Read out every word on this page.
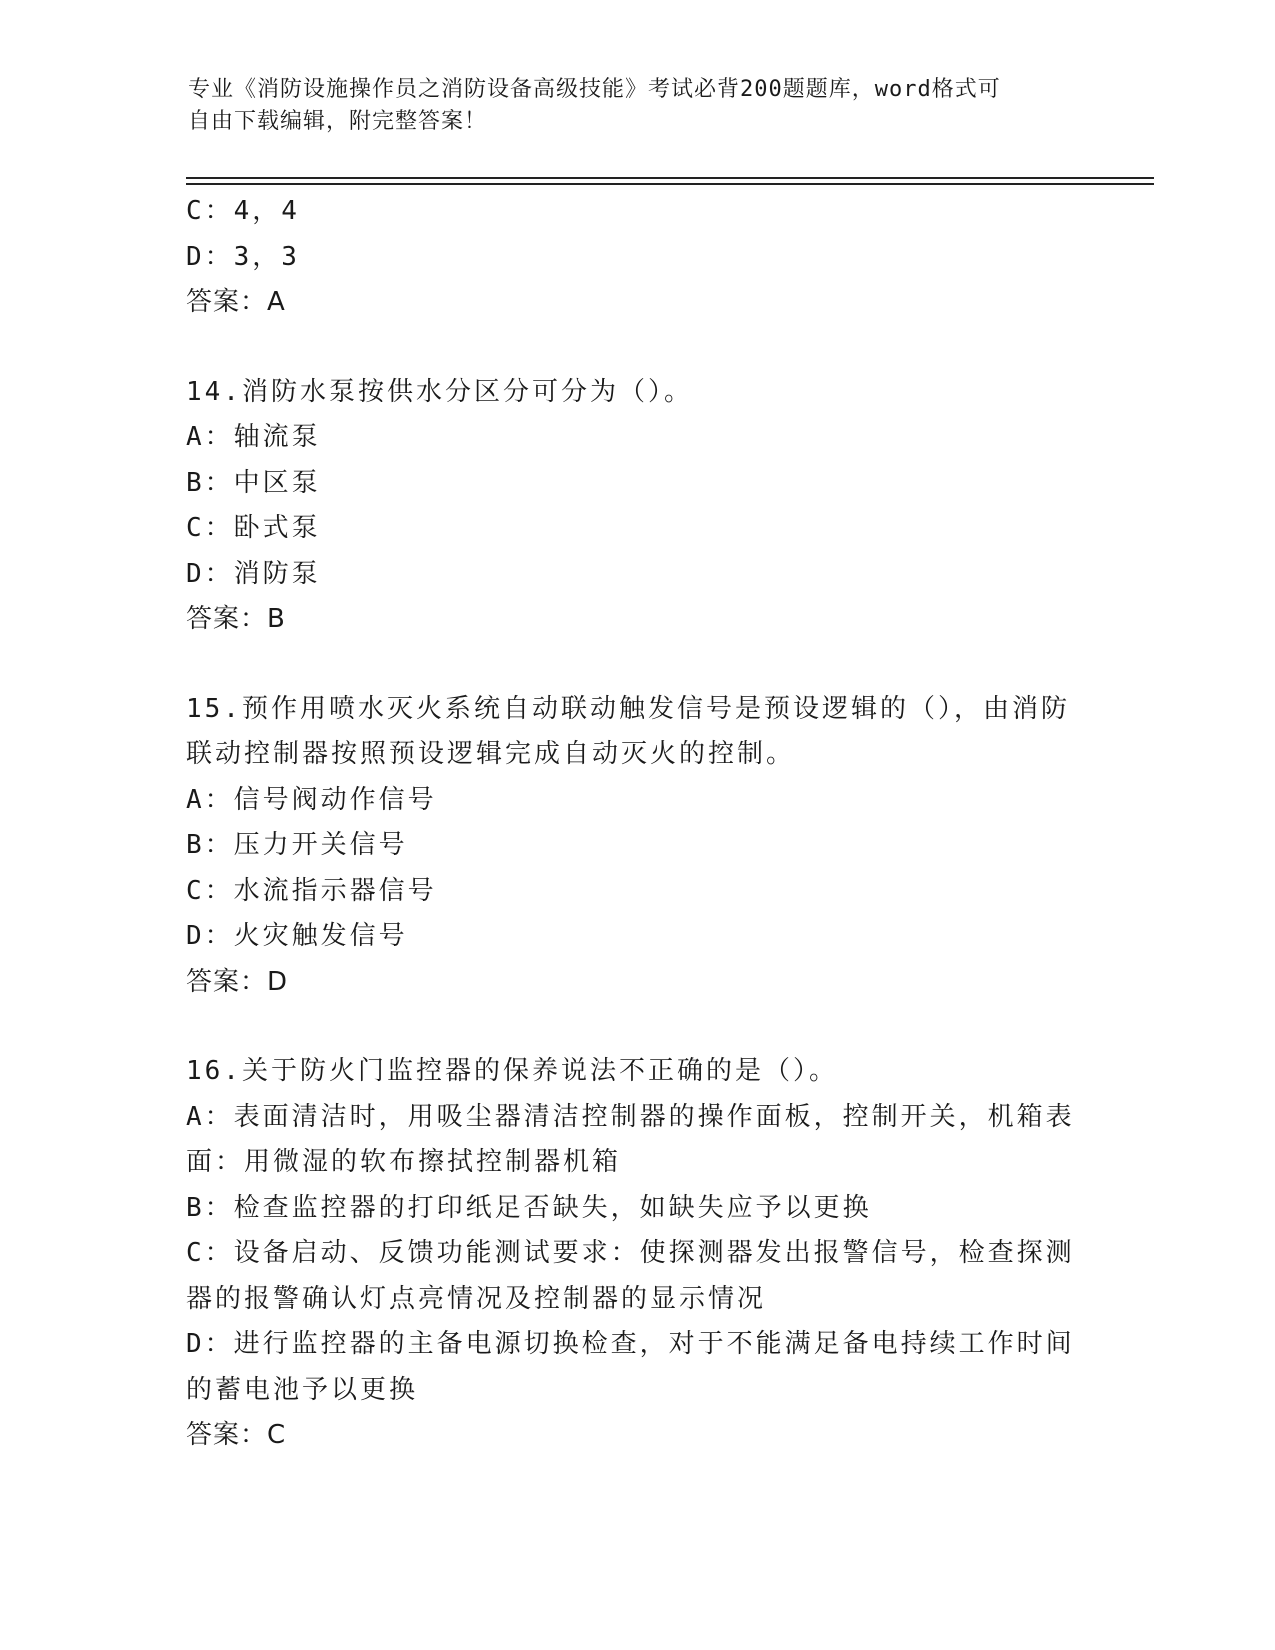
专业《消防设施操作员之消防设备高级技能》考试必背200题题库，word格式可
自由下载编辑，附完整答案！
C：4，4
D：3，3
答案：A
14.消防水泵按供水分区分可分为（）。
A：轴流泵
B：中区泵
C：卧式泵
D：消防泵
答案：B
15.预作用喷水灭火系统自动联动触发信号是预设逻辑的（），由消防
联动控制器按照预设逻辑完成自动灭火的控制。
A：信号阀动作信号
B：压力开关信号
C：水流指示器信号
D：火灾触发信号
答案：D
16.关于防火门监控器的保养说法不正确的是（）。
A：表面清洁时，用吸尘器清洁控制器的操作面板，控制开关，机箱表
面：用微湿的软布擦拭控制器机箱
B：检查监控器的打印纸足否缺失，如缺失应予以更换
C：设备启动、反馈功能测试要求：使探测器发出报警信号，检查探测
器的报警确认灯点亮情况及控制器的显示情况
D：进行监控器的主备电源切换检查，对于不能满足备电持续工作时间
的蓄电池予以更换
答案：C
